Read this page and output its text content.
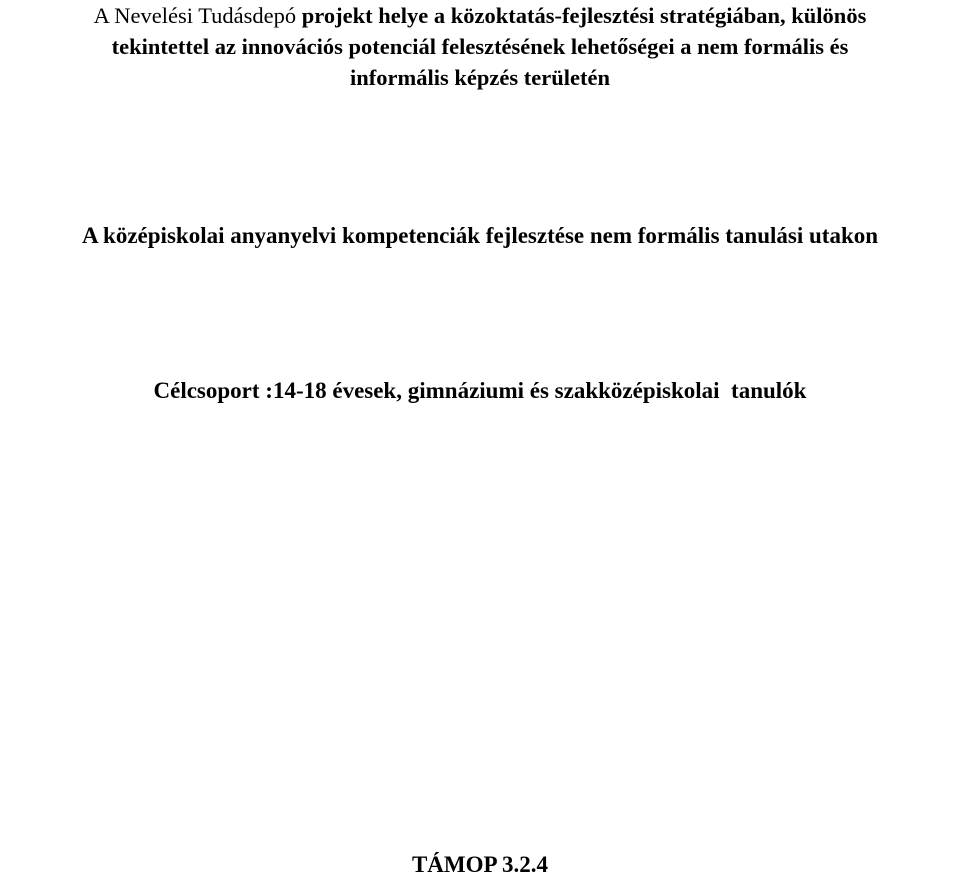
A Nevelési Tudásdepó projekt helye a közoktatás-fejlesztési stratégiában, különös
tekintettel az innovációs potenciál felesztésének lehetőségei a nem formális és
informális képzés területén
A középiskolai anyanyelvi kompetenciák fejlesztése nem formális tanulási utakon
Célcsoport :14-18 évesek, gimnáziumi és szakközépiskolai  tanulók
TÁMOP 3.2.4
